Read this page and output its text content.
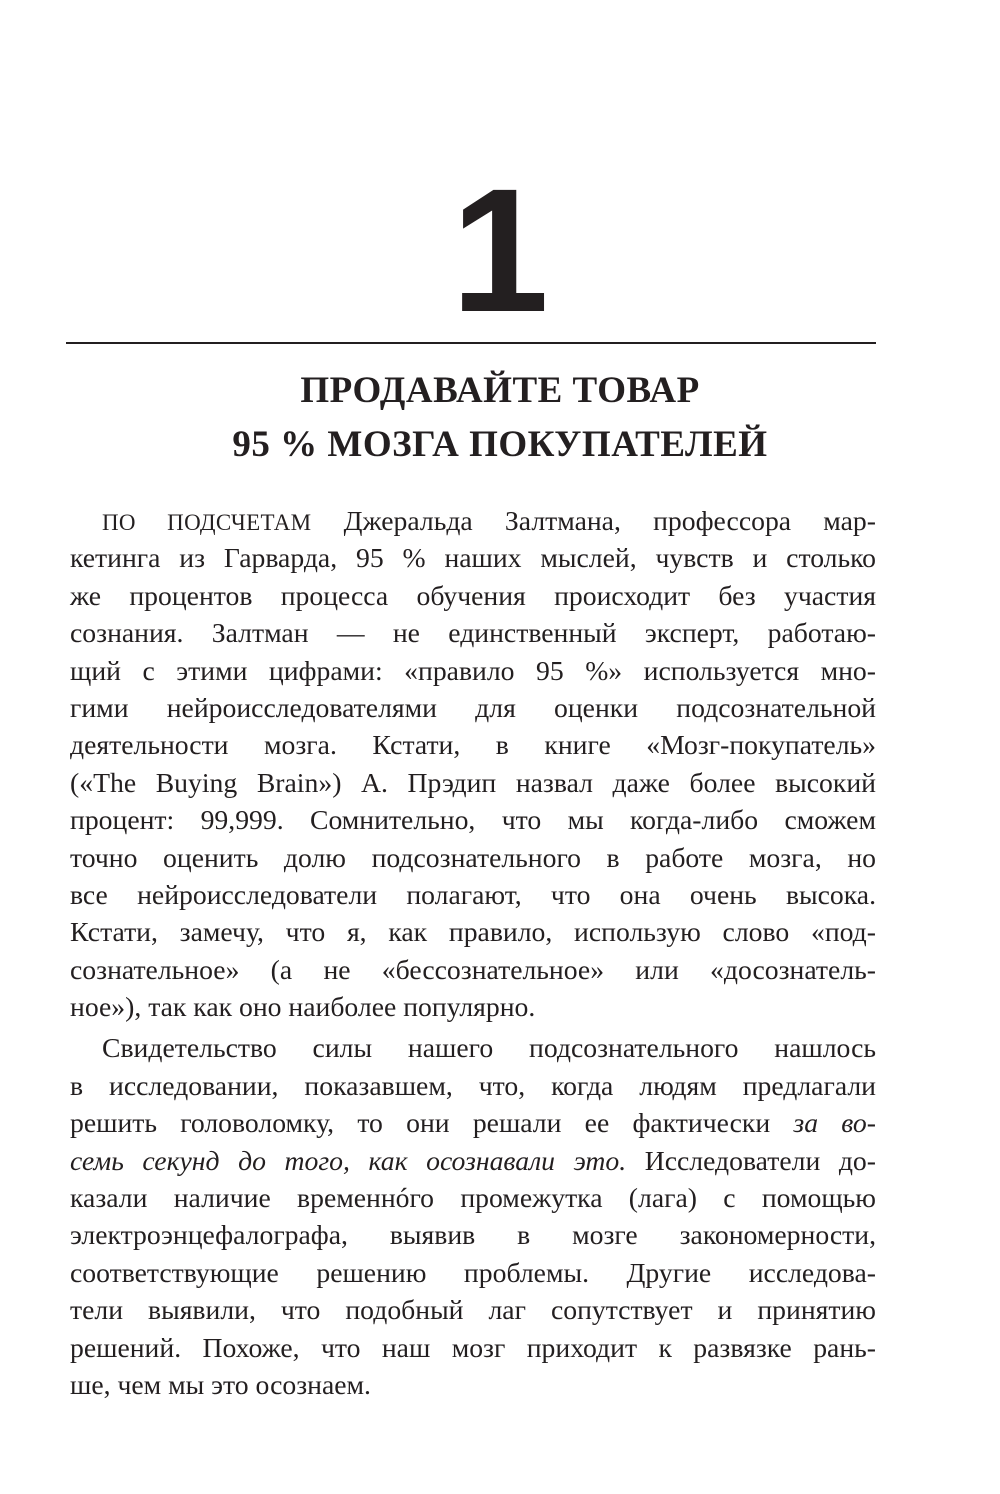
1
ПРОДАВАЙТЕ ТОВАР
95 % МОЗГА ПОКУПАТЕЛЕЙ
ПО ПОДСЧЕТАМ Джеральда Залтмана, профессора мар-
кетинга из Гарварда, 95 % наших мыслей, чувств и столько
же процентов процесса обучения происходит без участия
сознания. Залтман — не единственный эксперт, работаю-
щий с этими цифрами: «правило 95 %» используется мно-
гими нейроисследователями для оценки подсознательной
деятельности мозга. Кстати, в книге «Мозг-покупатель»
(«The Buying Brain») А. Прэдип назвал даже более высокий
процент: 99,999. Сомнительно, что мы когда-либо сможем
точно оценить долю подсознательного в работе мозга, но
все нейроисследователи полагают, что она очень высока.
Кстати, замечу, что я, как правило, использую слово «под-
сознательное» (а не «бессознательное» или «досознатель-
ное»), так как оно наиболее популярно.
Свидетельство силы нашего подсознательного нашлось
в исследовании, показавшем, что, когда людям предлагали
решить головоломку, то они решали ее фактически за во-
семь секунд до того, как осознавали это. Исследователи до-
казали наличие временнóго промежутка (лага) с помощью
электроэнцефалографа, выявив в мозге закономерности,
соответствующие решению проблемы. Другие исследова-
тели выявили, что подобный лаг сопутствует и принятию
решений. Похоже, что наш мозг приходит к развязке рань-
ше, чем мы это осознаем.
